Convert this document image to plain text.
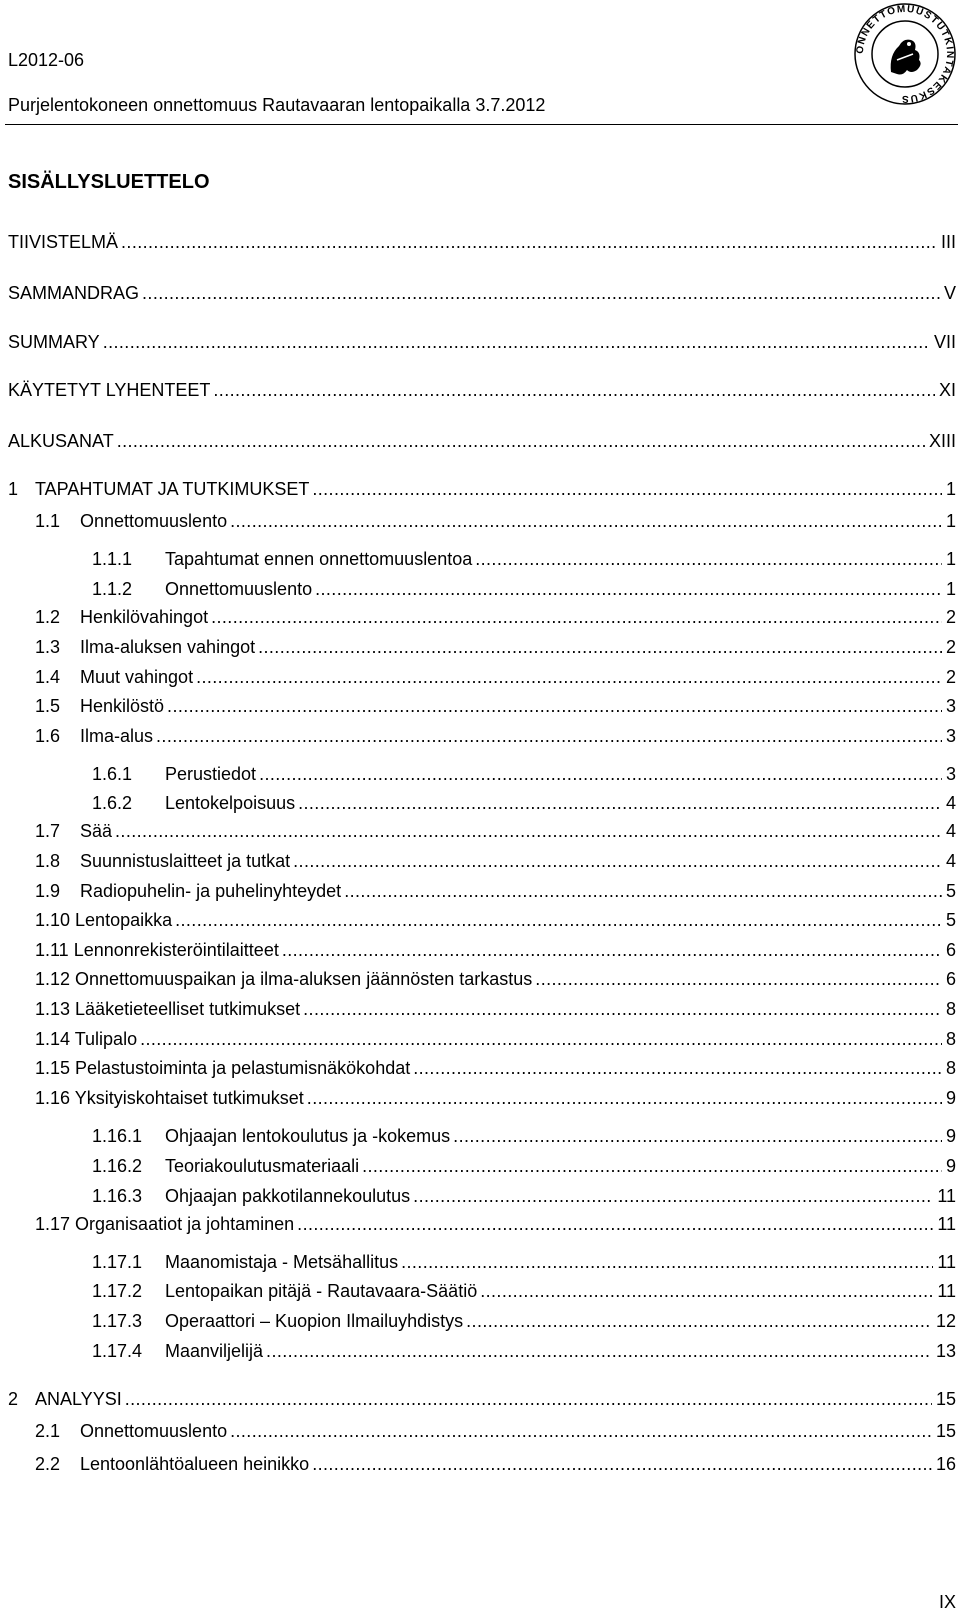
L2012-06
Purjelentokoneen onnettomuus Rautavaaran lentopaikalla 3.7.2012
ONNETTOMUUSTUTKINTAKESKUS
SISÄLLYSLUETTELO
TIIVISTELMÄ .....	III
SAMMANDRAG .....	V
SUMMARY .....	VII
KÄYTETYT LYHENTEET .....	XI
ALKUSANAT .....	XIII
1 TAPAHTUMAT JA TUTKIMUKSET .....	1
1.1 Onnettomuuslento .....	1
1.1.1 Tapahtumat ennen onnettomuuslentoa .....	1
1.1.2 Onnettomuuslento .....	1
1.2 Henkilövahingot .....	2
1.3 Ilma-aluksen vahingot .....	2
1.4 Muut vahingot .....	2
1.5 Henkilöstö .....	3
1.6 Ilma-alus .....	3
1.6.1 Perustiedot .....	3
1.6.2 Lentokelpoisuus .....	4
1.7 Sää .....	4
1.8 Suunnistuslaitteet ja tutkat .....	4
1.9 Radiopuhelin- ja puhelinyhteydet .....	5
1.10 Lentopaikka .....	5
1.11 Lennonrekisteröintilaitteet .....	6
1.12 Onnettomuuspaikan ja ilma-aluksen jäännösten tarkastus .....	6
1.13 Lääketieteelliset tutkimukset .....	8
1.14 Tulipalo .....	8
1.15 Pelastustoiminta ja pelastumisnäkökohdat .....	8
1.16 Yksityiskohtaiset tutkimukset .....	9
1.16.1 Ohjaajan lentokoulutus ja -kokemus .....	9
1.16.2 Teoriakoulutusmateriaali .....	9
1.16.3 Ohjaajan pakkotilannekoulutus .....	11
1.17 Organisaatiot ja johtaminen .....	11
1.17.1 Maanomistaja - Metsähallitus .....	11
1.17.2 Lentopaikan pitäjä - Rautavaara-Säätiö .....	11
1.17.3 Operaattori – Kuopion Ilmailuyhdistys .....	12
1.17.4 Maanviljelijä .....	13
2 ANALYYSI .....	15
2.1 Onnettomuuslento .....	15
2.2 Lentoonlähtöalueen heinikko .....	16
IX
